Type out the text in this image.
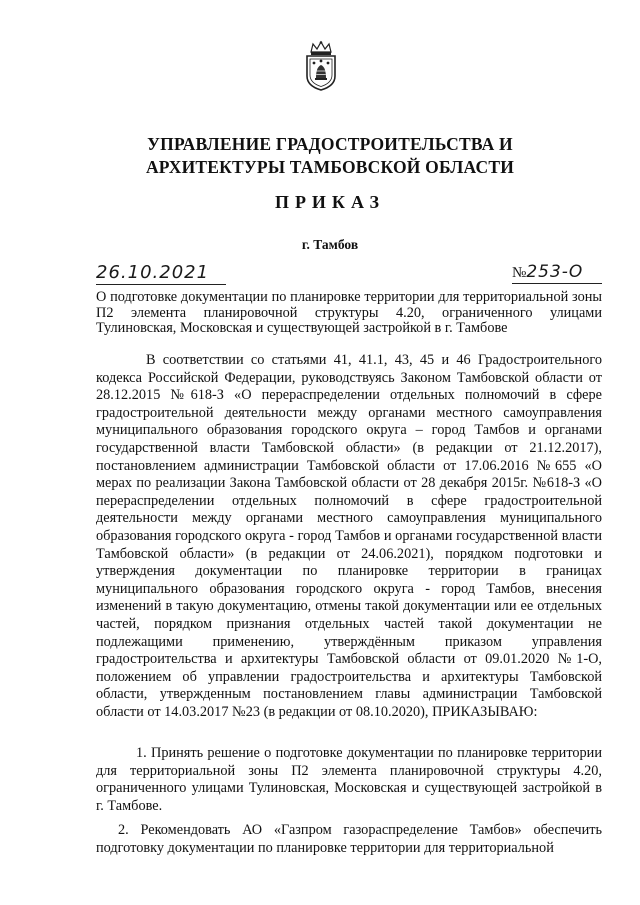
УПРАВЛЕНИЕ ГРАДОСТРОИТЕЛЬСТВА И
АРХИТЕКТУРЫ ТАМБОВСКОЙ ОБЛАСТИ
ПРИКАЗ
г. Тамбов
26.10.2021	№253-О
О подготовке документации по планировке территории для территориальной зоны П2 элемента планировочной структуры 4.20, ограниченного улицами Тулиновская, Московская и существующей застройкой в г. Тамбове
В соответствии со статьями 41, 41.1, 43, 45 и 46 Градостроительного кодекса Российской Федерации, руководствуясь Законом Тамбовской области от 28.12.2015 №618-З «О перераспределении отдельных полномочий в сфере градостроительной деятельности между органами местного самоуправления муниципального образования городского округа – город Тамбов и органами государственной власти Тамбовской области» (в редакции от 21.12.2017), постановлением администрации Тамбовской области от 17.06.2016 №655 «О мерах по реализации Закона Тамбовской области от 28 декабря 2015г. №618-З «О перераспределении отдельных полномочий в сфере градостроительной деятельности между органами местного самоуправления муниципального образования городского округа - город Тамбов и органами государственной власти Тамбовской области» (в редакции от 24.06.2021), порядком подготовки и утверждения документации по планировке территории в границах муниципального образования городского округа - город Тамбов, внесения изменений в такую документацию, отмены такой документации или ее отдельных частей, порядком признания отдельных частей такой документации не подлежащими применению, утверждённым приказом управления градостроительства и архитектуры Тамбовской области от 09.01.2020 №1-О, положением об управлении градостроительства и архитектуры Тамбовской области, утвержденным постановлением главы администрации Тамбовской области от 14.03.2017 №23 (в редакции от 08.10.2020), ПРИКАЗЫВАЮ:
1. Принять решение о подготовке документации по планировке территории для территориальной зоны П2 элемента планировочной структуры 4.20, ограниченного улицами Тулиновская, Московская и существующей застройкой в г. Тамбове.
2. Рекомендовать АО «Газпром газораспределение Тамбов» обеспечить подготовку документации по планировке территории для территориальной
